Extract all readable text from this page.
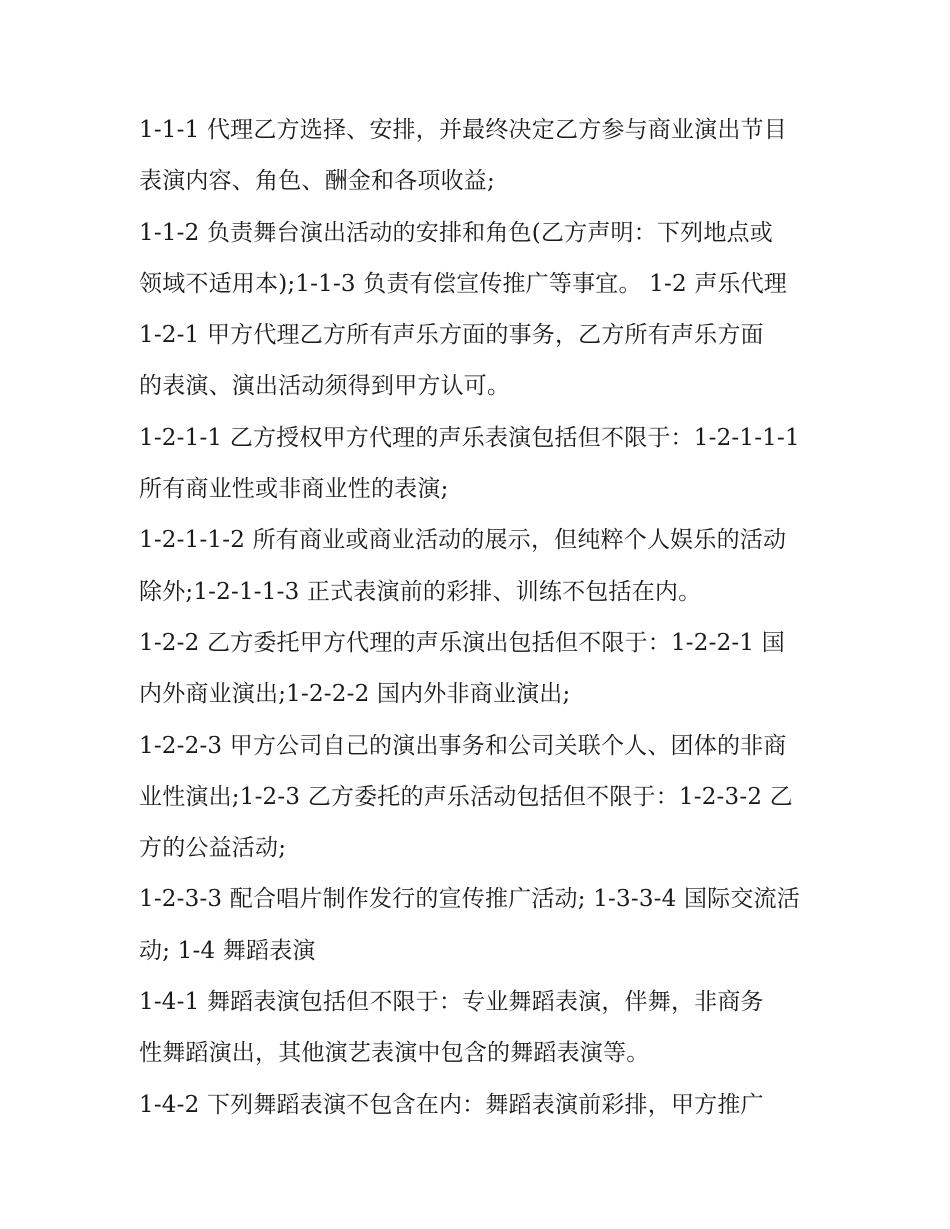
1-1-1 代理乙方选择、安排，并最终决定乙方参与商业演出节目
表演内容、角色、酬金和各项收益;
1-1-2 负责舞台演出活动的安排和角色(乙方声明：下列地点或
领域不适用本);1-1-3 负责有偿宣传推广等事宜。 1-2 声乐代理
1-2-1 甲方代理乙方所有声乐方面的事务，乙方所有声乐方面
的表演、演出活动须得到甲方认可。
1-2-1-1 乙方授权甲方代理的声乐表演包括但不限于：1-2-1-1-1
所有商业性或非商业性的表演;
1-2-1-1-2 所有商业或商业活动的展示，但纯粹个人娱乐的活动
除外;1-2-1-1-3 正式表演前的彩排、训练不包括在内。
1-2-2 乙方委托甲方代理的声乐演出包括但不限于：1-2-2-1 国
内外商业演出;1-2-2-2 国内外非商业演出;
1-2-2-3 甲方公司自己的演出事务和公司关联个人、团体的非商
业性演出;1-2-3 乙方委托的声乐活动包括但不限于：1-2-3-2 乙
方的公益活动;
1-2-3-3 配合唱片制作发行的宣传推广活动; 1-3-3-4 国际交流活
动; 1-4 舞蹈表演
1-4-1 舞蹈表演包括但不限于：专业舞蹈表演，伴舞，非商务
性舞蹈演出，其他演艺表演中包含的舞蹈表演等。
1-4-2 下列舞蹈表演不包含在内：舞蹈表演前彩排，甲方推广
